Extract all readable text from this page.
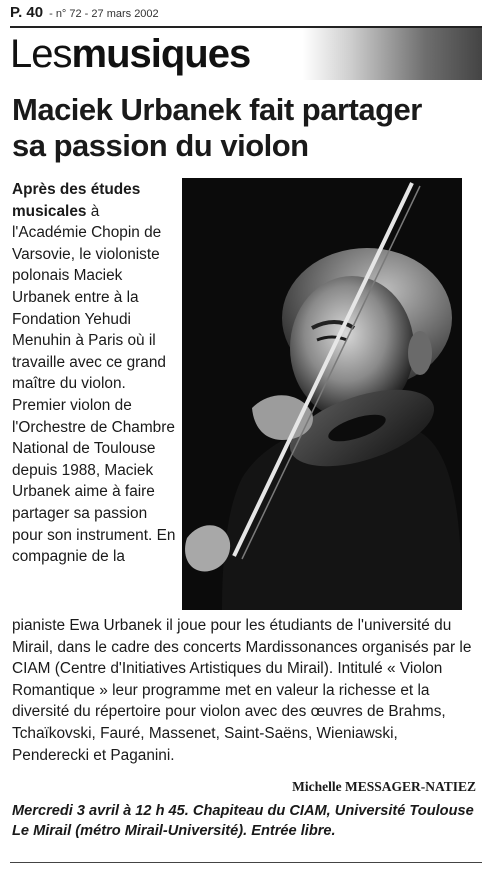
P. 40 - n° 72 - 27 mars 2002
Les musiques
Maciek Urbanek fait partager
sa passion du violon

Après des études musicales à l'Académie Chopin de Varsovie, le violoniste polonais Maciek Urbanek entre à la Fondation Yehudi Menuhin à Paris où il travaille avec ce grand maître du violon. Premier violon de l'Orchestre de Chambre National de Toulouse depuis 1988, Maciek Urbanek aime à faire partager sa passion pour son instrument. En compagnie de la

pianiste Ewa Urbanek il joue pour les étudiants de l'université du Mirail, dans le cadre des concerts Mardissonances organisés par le CIAM (Centre d'Initiatives Artistiques du Mirail). Intitulé « Violon Romantique » leur programme met en valeur la richesse et la diversité du répertoire pour violon avec des œuvres de Brahms, Tchaïkovski, Fauré, Massenet, Saint-Saëns, Wieniawski, Penderecki et Paganini.

Michelle MESSAGER-NATIEZ

Mercredi 3 avril à 12 h 45. Chapiteau du CIAM, Université Toulouse Le Mirail (métro Mirail-Université). Entrée libre.
